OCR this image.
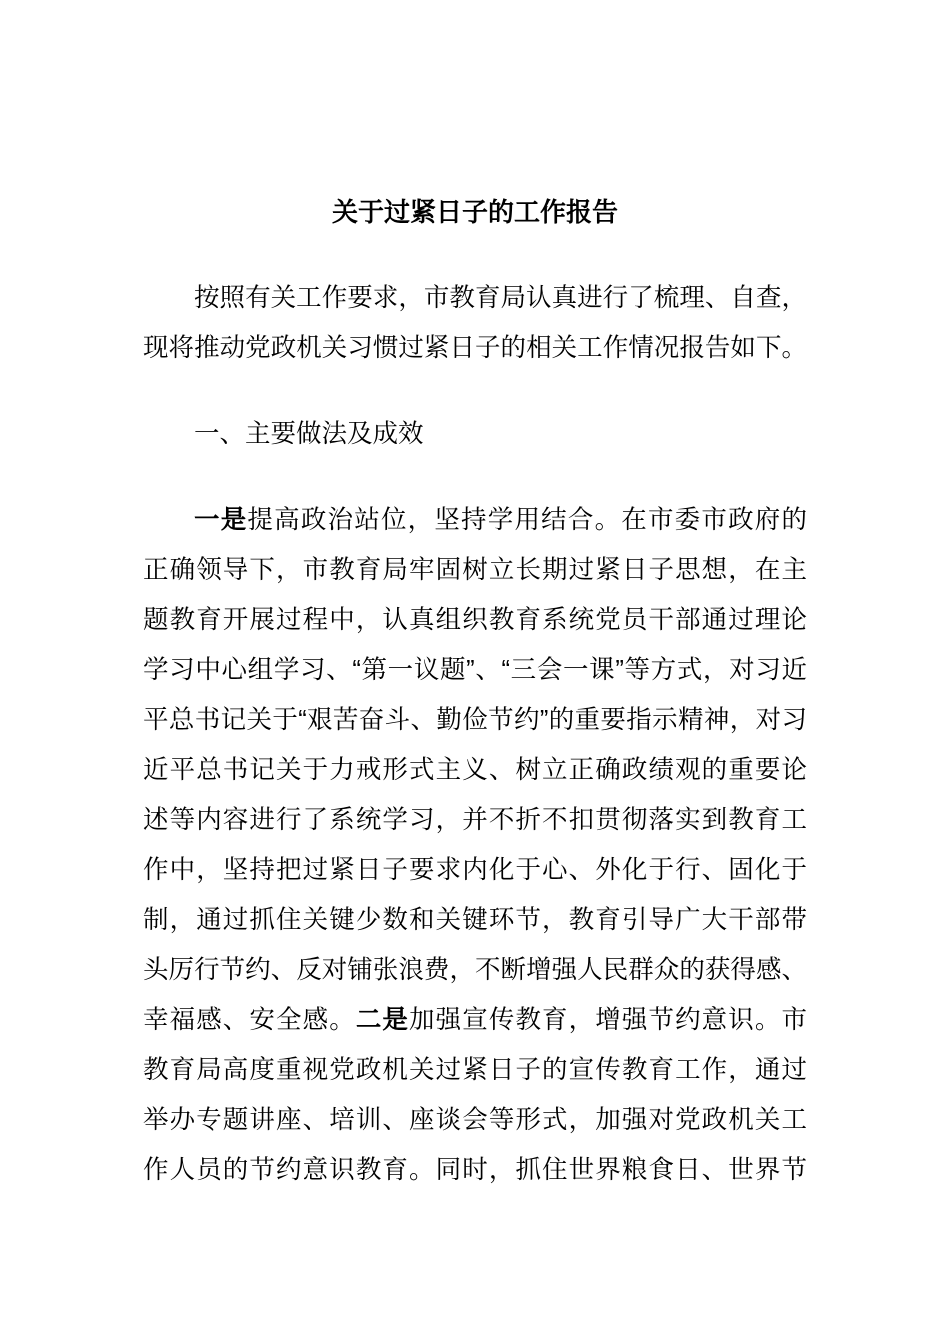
关于过紧日子的工作报告
按照有关工作要求，市教育局认真进行了梳理、自查，
现将推动党政机关习惯过紧日子的相关工作情况报告如下。
一、主要做法及成效
一是提高政治站位，坚持学用结合。在市委市政府的
正确领导下，市教育局牢固树立长期过紧日子思想，在主
题教育开展过程中，认真组织教育系统党员干部通过理论
学习中心组学习、“第一议题”、“三会一课”等方式，对习近
平总书记关于“艰苦奋斗、勤俭节约”的重要指示精神，对习
近平总书记关于力戒形式主义、树立正确政绩观的重要论
述等内容进行了系统学习，并不折不扣贯彻落实到教育工
作中，坚持把过紧日子要求内化于心、外化于行、固化于
制，通过抓住关键少数和关键环节，教育引导广大干部带
头厉行节约、反对铺张浪费，不断增强人民群众的获得感、
幸福感、安全感。二是加强宣传教育，增强节约意识。市
教育局高度重视党政机关过紧日子的宣传教育工作，通过
举办专题讲座、培训、座谈会等形式，加强对党政机关工
作人员的节约意识教育。同时，抓住世界粮食日、世界节
